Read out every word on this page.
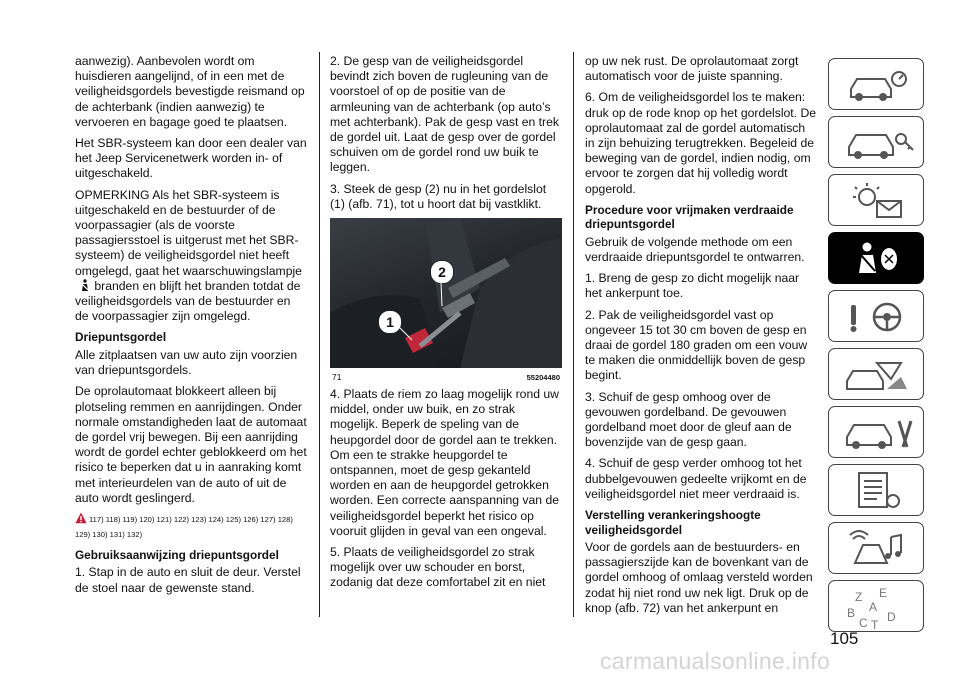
aanwezig). Aanbevolen wordt om huisdieren aangelijnd, of in een met de veiligheidsgordels bevestigde reismand op de achterbank (indien aanwezig) te vervoeren en bagage goed te plaatsen.

Het SBR-systeem kan door een dealer van het Jeep Servicenetwerk worden in- of uitgeschakeld.

OPMERKING Als het SBR-systeem is uitgeschakeld en de bestuurder of de voorpassagier (als de voorste passagiersstoel is uitgerust met het SBR-systeem) de veiligheidsgordel niet heeft omgelegd, gaat het waarschuwingslampje  branden en blijft het branden totdat de veiligheidsgordels van de bestuurder en de voorpassagier zijn omgelegd.

Driepuntsgordel

Alle zitplaatsen van uw auto zijn voorzien van driepuntsgordels.

De oprolautomaat blokkeert alleen bij plotseling remmen en aanrijdingen. Onder normale omstandigheden laat de automaat de gordel vrij bewegen. Bij een aanrijding wordt de gordel echter geblokkeerd om het risico te beperken dat u in aanraking komt met interieurdelen van de auto of uit de auto wordt geslingerd.

117) 118) 119) 120) 121) 122) 123) 124) 125) 126) 127) 128) 129) 130) 131) 132)

Gebruiksaanwijzing driepuntsgordel

1. Stap in de auto en sluit de deur. Verstel de stoel naar de gewenste stand.

2. De gesp van de veiligheidsgordel bevindt zich boven de rugleuning van de voorstoel of op de positie van de armleuning van de achterbank (op auto’s met achterbank). Pak de gesp vast en trek de gordel uit. Laat de gesp over de gordel schuiven om de gordel rond uw buik te leggen.

3. Steek de gesp (2) nu in het gordelslot (1) (afb. 71), tot u hoort dat bij vastklikt.

2
1
71	55204480

4. Plaats de riem zo laag mogelijk rond uw middel, onder uw buik, en zo strak mogelijk. Beperk de speling van de heupgordel door de gordel aan te trekken. Om een te strakke heupgordel te ontspannen, moet de gesp gekanteld worden en aan de heupgordel getrokken worden. Een correcte aanspanning van de veiligheidsgordel beperkt het risico op vooruit glijden in geval van een ongeval.

5. Plaats de veiligheidsgordel zo strak mogelijk over uw schouder en borst, zodanig dat deze comfortabel zit en niet

op uw nek rust. De oprolautomaat zorgt automatisch voor de juiste spanning.

6. Om de veiligheidsgordel los te maken: druk op de rode knop op het gordelslot. De oprolautomaat zal de gordel automatisch in zijn behuizing terugtrekken. Begeleid de beweging van de gordel, indien nodig, om ervoor te zorgen dat hij volledig wordt opgerold.

Procedure voor vrijmaken verdraaide driepuntsgordel

Gebruik de volgende methode om een verdraaide driepuntsgordel te ontwarren.

1. Breng de gesp zo dicht mogelijk naar het ankerpunt toe.

2. Pak de veiligheidsgordel vast op ongeveer 15 tot 30 cm boven de gesp en draai de gordel 180 graden om een vouw te maken die onmiddellijk boven de gesp begint.

3. Schuif de gesp omhoog over de gevouwen gordelband. De gevouwen gordelband moet door de gleuf aan de bovenzijde van de gesp gaan.

4. Schuif de gesp verder omhoog tot het dubbelgevouwen gedeelte vrijkomt en de veiligheidsgordel niet meer verdraaid is.

Verstelling verankeringshoogte veiligheidsgordel

Voor de gordels aan de bestuurders- en passagierszijde kan de bovenkant van de gordel omhoog of omlaag versteld worden zodat hij niet rond uw nek ligt. Druk op de knop (afb. 72) van het ankerpunt en

Z E
B A
C T
D
105
carmanualsonline.info
